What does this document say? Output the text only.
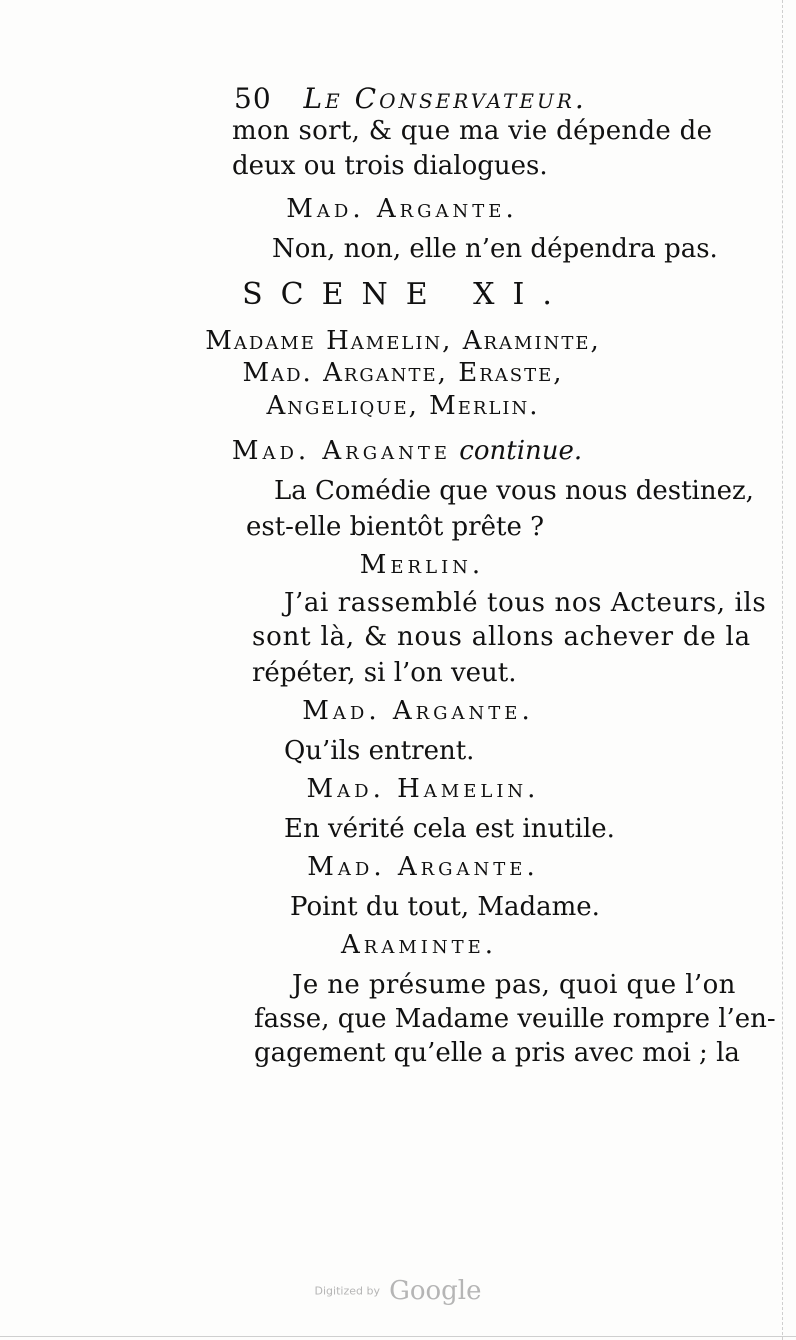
50 Le Conservateur.
mon sort, & que ma vie dépende de
deux ou trois dialogues.
Mad. Argante.
Non, non, elle n’en dépendra pas.
SCENE XI.
Madame Hamelin, Araminte,
Mad. Argante, Eraste,
Angelique, Merlin.
Mad. Argante continue.
La Comédie que vous nous destinez,
est-elle bientôt prête ?
Merlin.
J’ai rassemblé tous nos Acteurs, ils
sont là, & nous allons achever de la
répéter, si l’on veut.
Mad. Argante.
Qu’ils entrent.
Mad. Hamelin.
En vérité cela est inutile.
Mad. Argante.
Point du tout, Madame.
Araminte.
Je ne présume pas, quoi que l’on
fasse, que Madame veuille rompre l’en-
gagement qu’elle a pris avec moi ; la
Digitized by Google
